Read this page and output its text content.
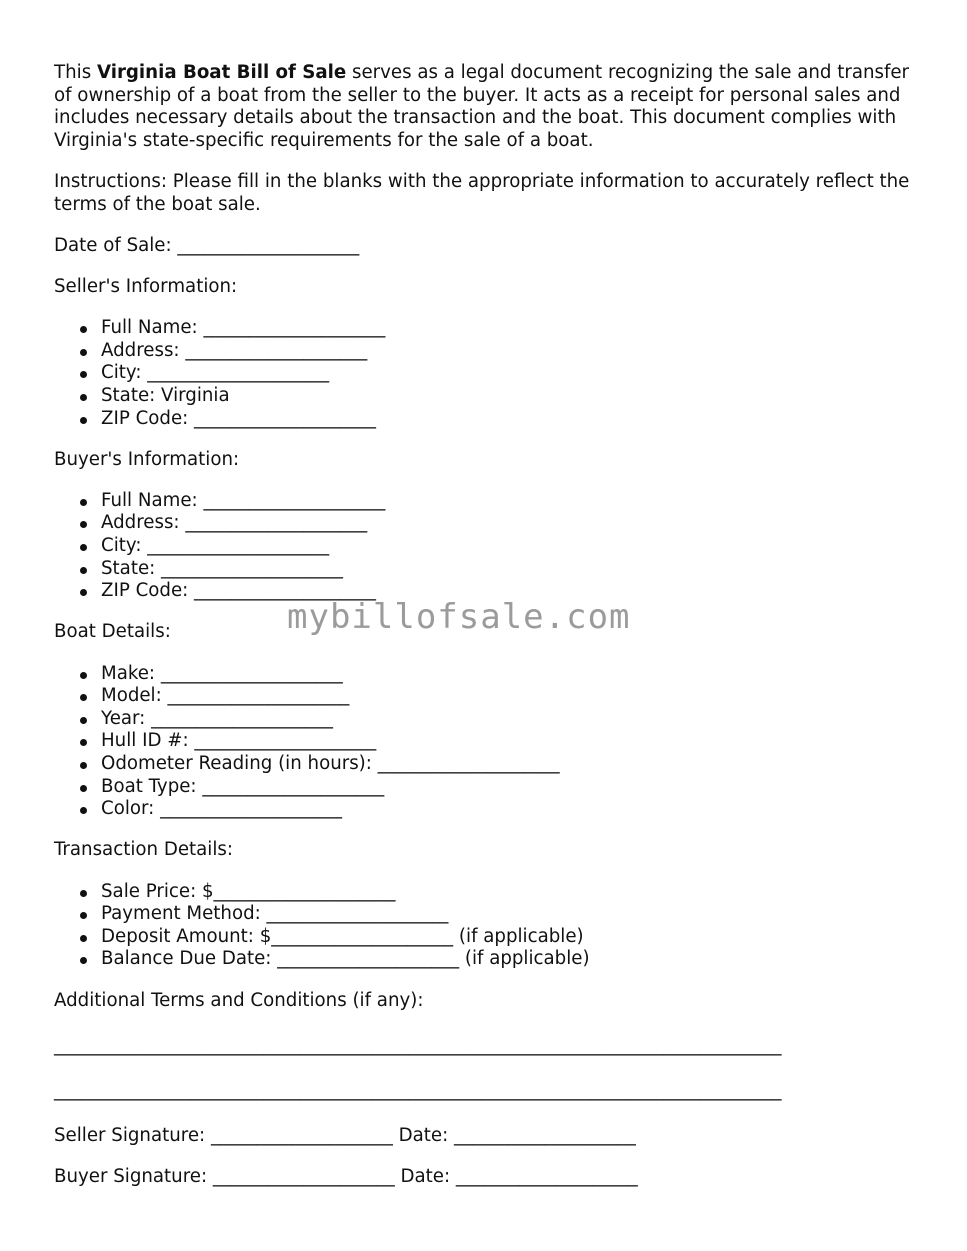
mybillofsale.com

This Virginia Boat Bill of Sale serves as a legal document recognizing the sale and transfer of ownership of a boat from the seller to the buyer. It acts as a receipt for personal sales and includes necessary details about the transaction and the boat. This document complies with Virginia's state-specific requirements for the sale of a boat.

Instructions: Please fill in the blanks with the appropriate information to accurately reflect the terms of the boat sale.

Date of Sale: ____________________

Seller's Information:

Full Name: ____________________
Address: ____________________
City: ____________________
State: Virginia
ZIP Code: ____________________

Buyer's Information:

Full Name: ____________________
Address: ____________________
City: ____________________
State: ____________________
ZIP Code: ____________________

Boat Details:

Make: ____________________
Model: ____________________
Year: ____________________
Hull ID #: ____________________
Odometer Reading (in hours): ____________________
Boat Type: ____________________
Color: ____________________

Transaction Details:

Sale Price: $____________________
Payment Method: ____________________
Deposit Amount: $____________________ (if applicable)
Balance Due Date: ____________________ (if applicable)

Additional Terms and Conditions (if any):

________________________________________________________________________________

________________________________________________________________________________

Seller Signature: ____________________ Date: ____________________

Buyer Signature: ____________________ Date: ____________________
